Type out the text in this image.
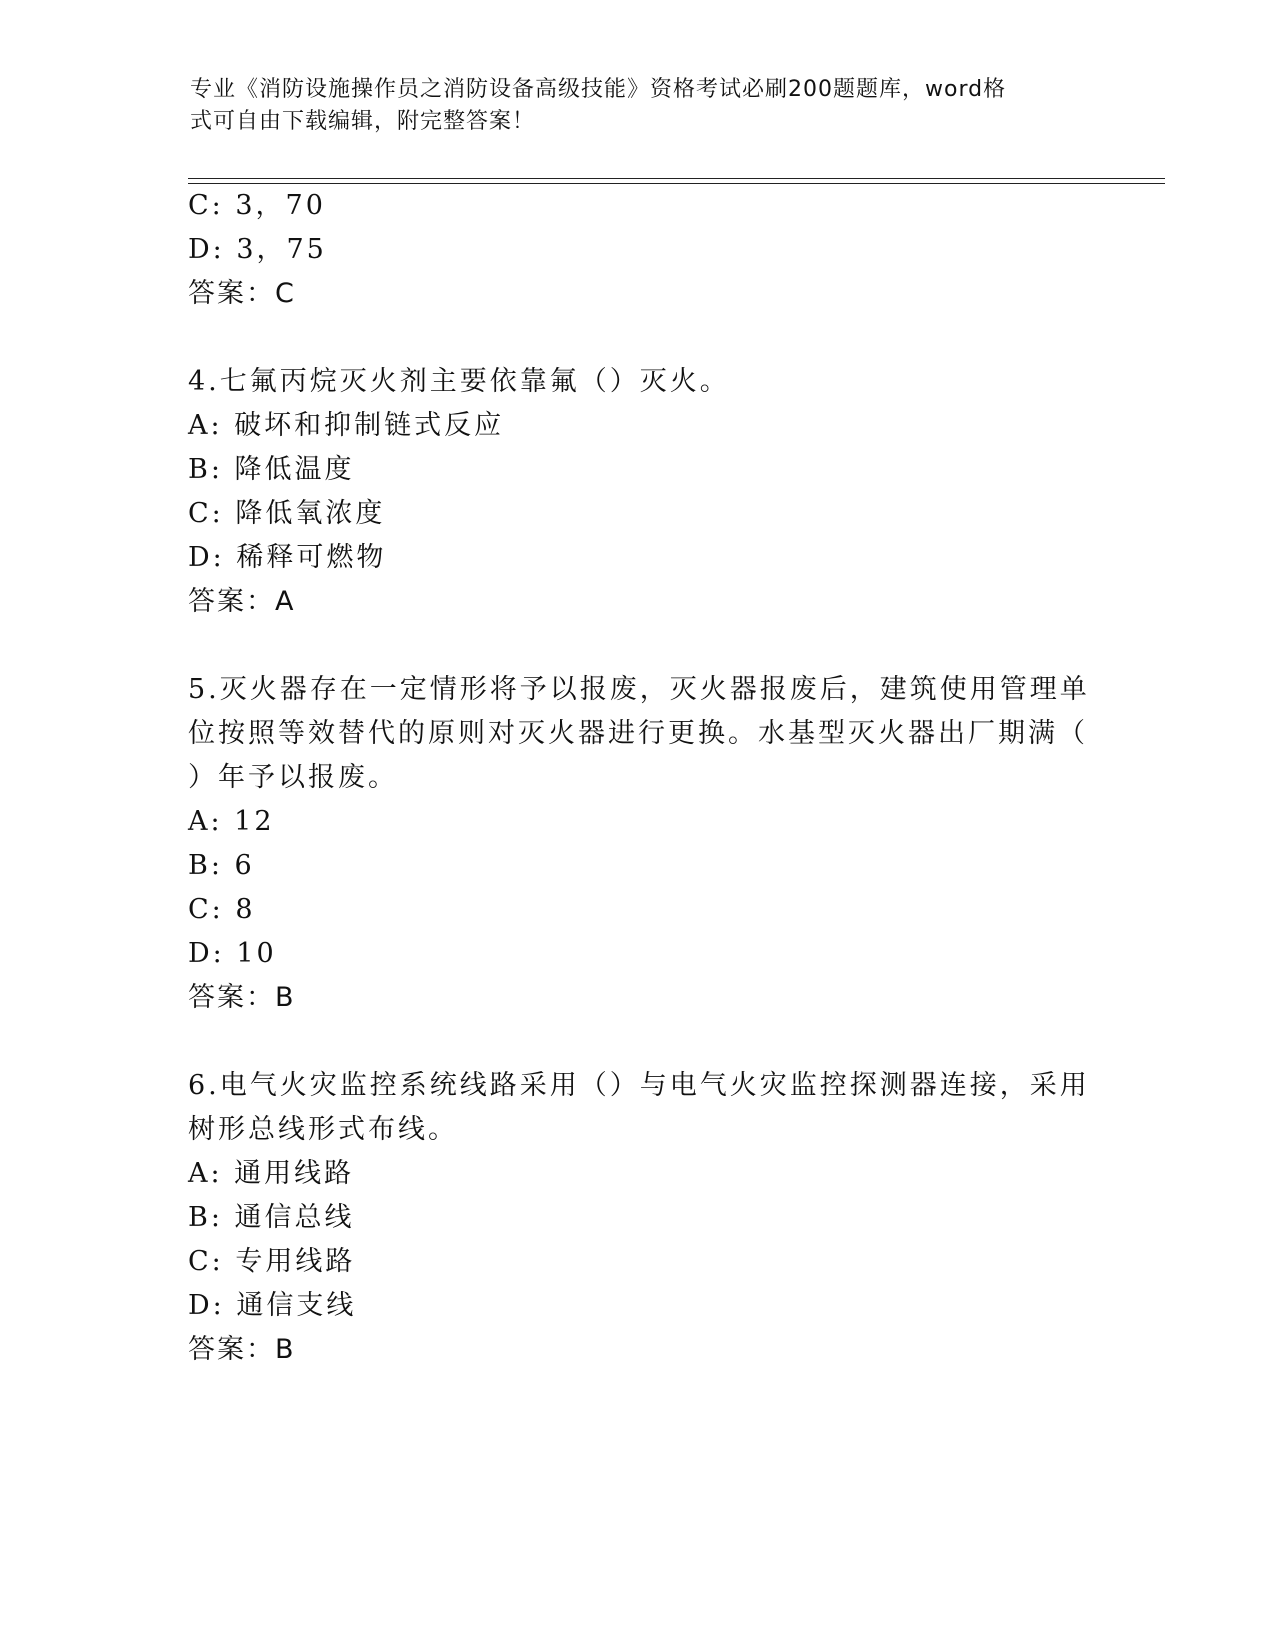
专业《消防设施操作员之消防设备高级技能》资格考试必刷200题题库，word格
式可自由下载编辑，附完整答案！
C: 3，70
D: 3，75
答案：C
4.七氟丙烷灭火剂主要依靠氟（）灭火。
A: 破坏和抑制链式反应
B: 降低温度
C: 降低氧浓度
D: 稀释可燃物
答案：A
5.灭火器存在一定情形将予以报废，灭火器报废后，建筑使用管理单
位按照等效替代的原则对灭火器进行更换。水基型灭火器出厂期满（
）年予以报废。
A: 12
B: 6
C: 8
D: 10
答案：B
6.电气火灾监控系统线路采用（）与电气火灾监控探测器连接，采用
树形总线形式布线。
A: 通用线路
B: 通信总线
C: 专用线路
D: 通信支线
答案：B
